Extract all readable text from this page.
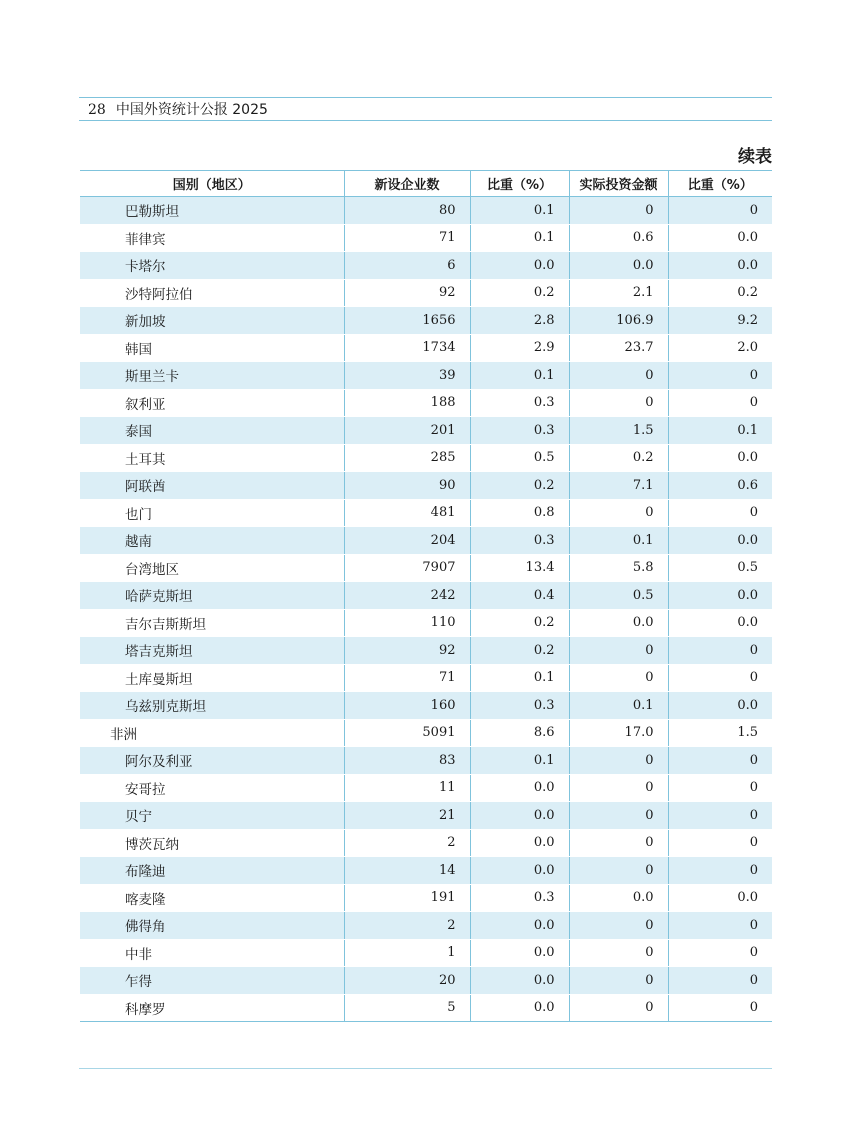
28 中国外资统计公报 2025
续表
国别（地区）	新设企业数	比重（%）	实际投资金额	比重（%）
巴勒斯坦	80	0.1	0	0
菲律宾	71	0.1	0.6	0.0
卡塔尔	6	0.0	0.0	0.0
沙特阿拉伯	92	0.2	2.1	0.2
新加坡	1656	2.8	106.9	9.2
韩国	1734	2.9	23.7	2.0
斯里兰卡	39	0.1	0	0
叙利亚	188	0.3	0	0
泰国	201	0.3	1.5	0.1
土耳其	285	0.5	0.2	0.0
阿联酋	90	0.2	7.1	0.6
也门	481	0.8	0	0
越南	204	0.3	0.1	0.0
台湾地区	7907	13.4	5.8	0.5
哈萨克斯坦	242	0.4	0.5	0.0
吉尔吉斯斯坦	110	0.2	0.0	0.0
塔吉克斯坦	92	0.2	0	0
土库曼斯坦	71	0.1	0	0
乌兹别克斯坦	160	0.3	0.1	0.0
非洲	5091	8.6	17.0	1.5
阿尔及利亚	83	0.1	0	0
安哥拉	11	0.0	0	0
贝宁	21	0.0	0	0
博茨瓦纳	2	0.0	0	0
布隆迪	14	0.0	0	0
喀麦隆	191	0.3	0.0	0.0
佛得角	2	0.0	0	0
中非	1	0.0	0	0
乍得	20	0.0	0	0
科摩罗	5	0.0	0	0
